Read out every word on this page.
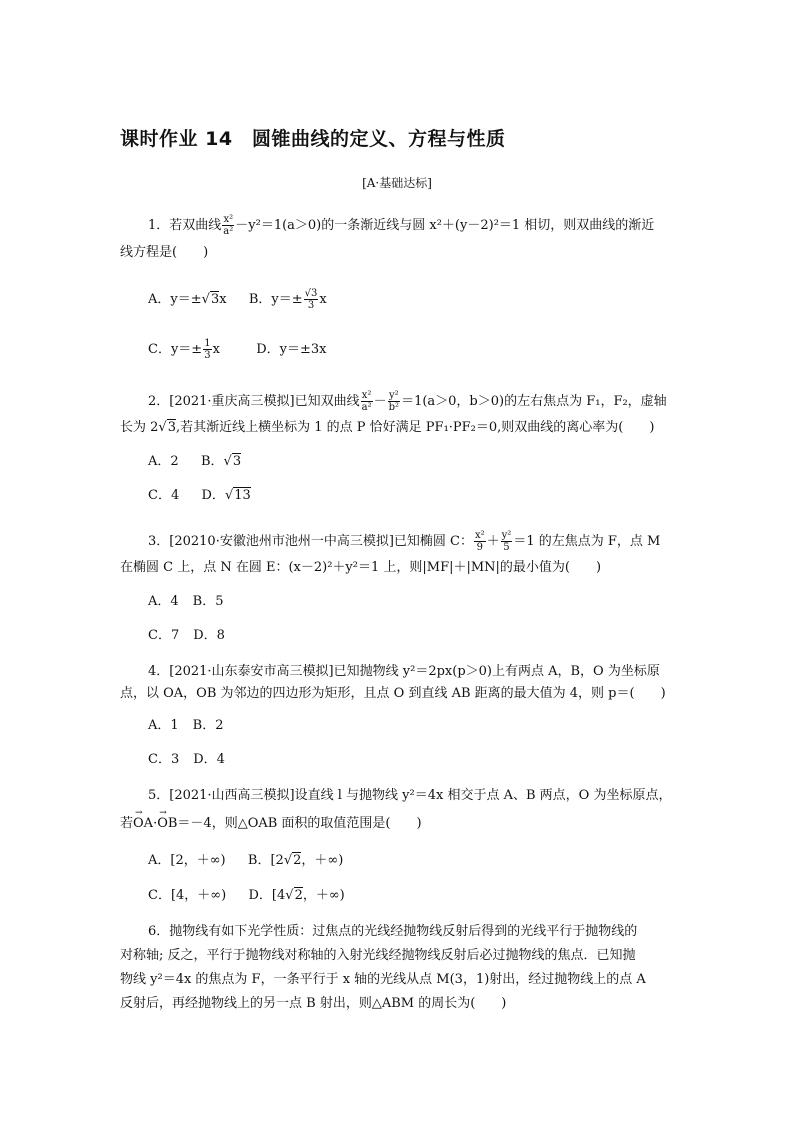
课时作业 14　圆锥曲线的定义、方程与性质
[A·基础达标]
1．若双曲线 $\frac{\text{x²}}{\text{a²}} -y^2=1(a>0)$的一条渐近线与圆 x²＋(y－2)²＝1 相切，则双曲线的渐近
线方程是(　　)
A．y＝±√3x B．$y=\pm \frac{√3}{3}$ x
C．$y=\pm \frac{1}{3}$ x	D．y＝±3x
2．[2021·重庆高三模拟]已知双曲线 $\frac{\text{x²}}{\text{a²}} - \frac{\text{y²}}{\text{b²}} =1(a>0$，b＞0)的左右焦点为 F₁，F₂，虚轴
长为 2√3,若其渐近线上横坐标为 1 的点 P 恰好满足 PF₁·PF₂＝0,则双曲线的离心率为(　　)
A．2 B．√3
C．4 D．√13
3．[20210·安徽池州市池州一中高三模拟]已知椭圆 C： $\frac{\text{x²}}{9} + \frac{\text{y²}}{5} =1$ 的左焦点为 F，点 M
在椭圆 C 上，点 N 在圆 E：(x－2)²＋y²＝1 上，则|MF|＋|MN|的最小值为(　　)
A．4 B．5
C．7 D．8
4．[2021·山东泰安市高三模拟]已知抛物线 y²＝2px(p＞0)上有两点 A，B，O 为坐标原
点，以 OA，OB 为邻边的四边形为矩形，且点 O 到直线 AB 距离的最大值为 4，则 p＝(　　)
A．1 B．2
C．3 D．4
5．[2021·山西高三模拟]设直线 l 与抛物线 y²＝4x 相交于点 A、B 两点，O 为坐标原点，
若→ OA·→ OB＝－4，则△OAB 面积的取值范围是(　　)
A．[2，＋∞) B．[2√2，＋∞)
C．[4，＋∞) D．[4√2，＋∞)
6．抛物线有如下光学性质：过焦点的光线经抛物线反射后得到的光线平行于抛物线的
对称轴; 反之，平行于抛物线对称轴的入射光线经抛物线反射后必过抛物线的焦点．已知抛
物线 y²＝4x 的焦点为 F，一条平行于 x 轴的光线从点 M(3，1)射出，经过抛物线上的点 A
反射后，再经抛物线上的另一点 B 射出，则△ABM 的周长为(　　)
